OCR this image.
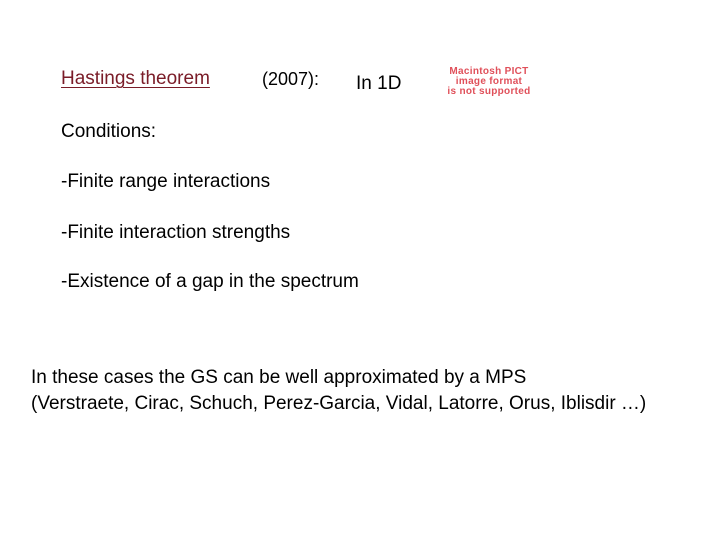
Hastings theorem	(2007): In 1D
Macintosh PICT
image format
is not supported
Conditions:
-Finite range interactions
-Finite interaction strengths
-Existence of a gap in the spectrum
In these cases the GS can be well approximated by a MPS
(Verstraete, Cirac, Schuch, Perez-Garcia, Vidal, Latorre, Orus, Iblisdir …)
